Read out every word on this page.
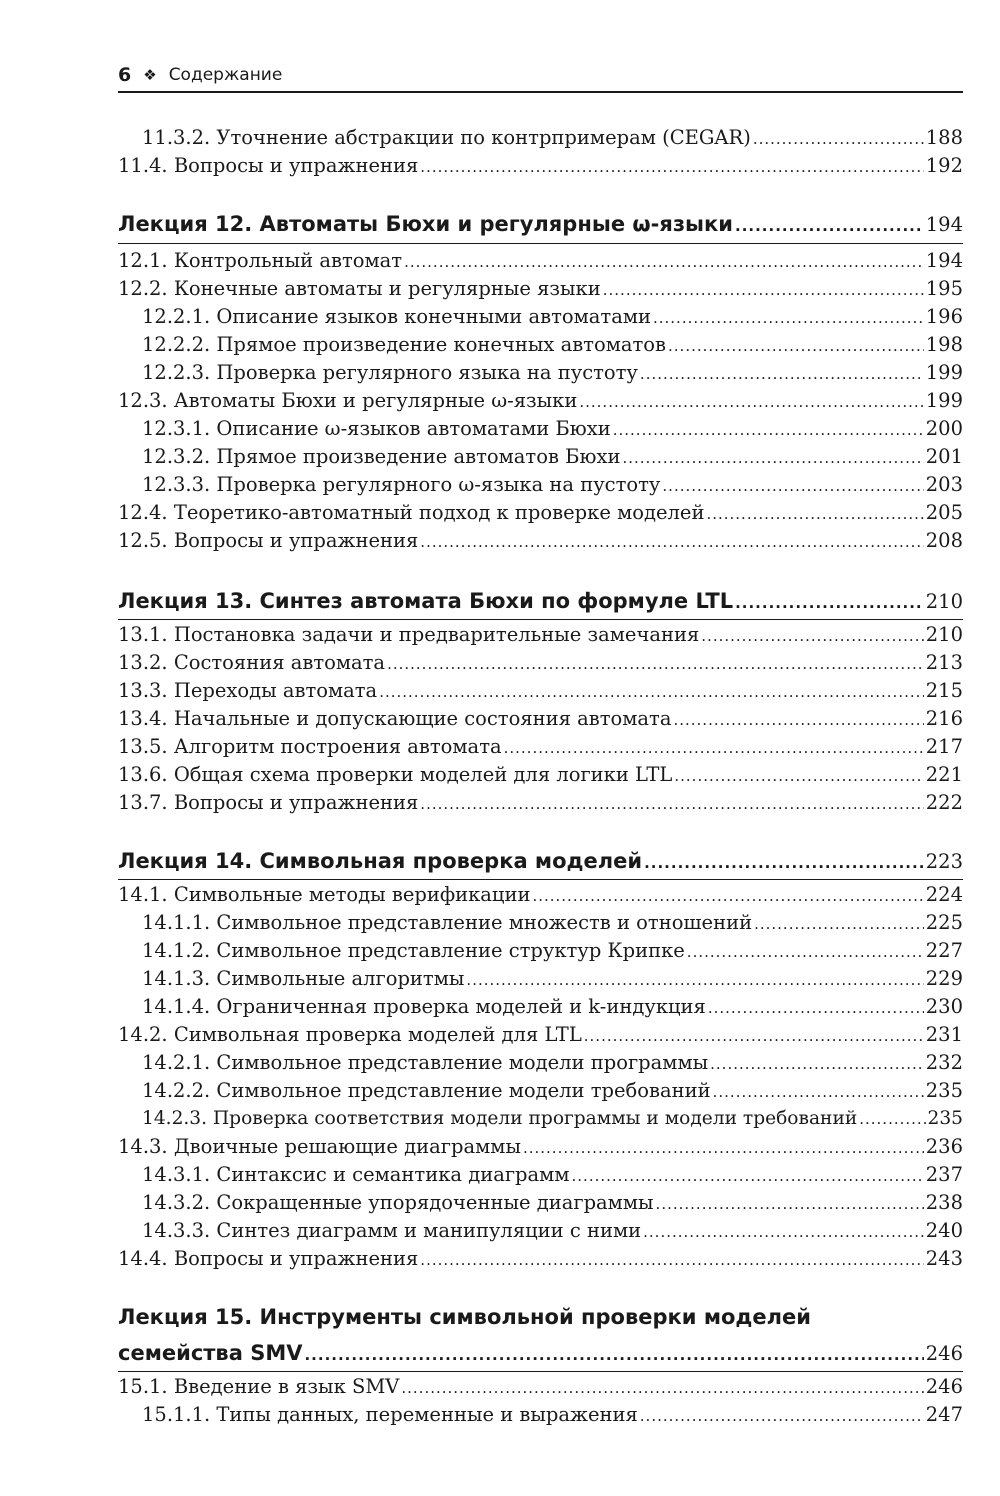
6 ❖ Содержание
11.3.2. Уточнение абстракции по контрпримерам (CEGAR) .....	188
11.4. Вопросы и упражнения .....	192
Лекция 12. Автоматы Бюхи и регулярные ω-языки .....	194
12.1. Контрольный автомат .....	194
12.2. Конечные автоматы и регулярные языки .....	195
12.2.1. Описание языков конечными автоматами .....	196
12.2.2. Прямое произведение конечных автоматов .....	198
12.2.3. Проверка регулярного языка на пустоту .....	199
12.3. Автоматы Бюхи и регулярные ω-языки .....	199
12.3.1. Описание ω-языков автоматами Бюхи .....	200
12.3.2. Прямое произведение автоматов Бюхи .....	201
12.3.3. Проверка регулярного ω-языка на пустоту .....	203
12.4. Теоретико-автоматный подход к проверке моделей .....	205
12.5. Вопросы и упражнения .....	208
Лекция 13. Синтез автомата Бюхи по формуле LTL .....	210
13.1. Постановка задачи и предварительные замечания .....	210
13.2. Состояния автомата .....	213
13.3. Переходы автомата .....	215
13.4. Начальные и допускающие состояния автомата .....	216
13.5. Алгоритм построения автомата .....	217
13.6. Общая схема проверки моделей для логики LTL .....	221
13.7. Вопросы и упражнения .....	222
Лекция 14. Символьная проверка моделей .....	223
14.1. Символьные методы верификации .....	224
14.1.1. Символьное представление множеств и отношений .....	225
14.1.2. Символьное представление структур Крипке .....	227
14.1.3. Символьные алгоритмы .....	229
14.1.4. Ограниченная проверка моделей и k-индукция .....	230
14.2. Символьная проверка моделей для LTL .....	231
14.2.1. Символьное представление модели программы .....	232
14.2.2. Символьное представление модели требований .....	235
14.2.3. Проверка соответствия модели программы и модели требований .....	235
14.3. Двоичные решающие диаграммы .....	236
14.3.1. Синтаксис и семантика диаграмм .....	237
14.3.2. Сокращенные упорядоченные диаграммы .....	238
14.3.3. Синтез диаграмм и манипуляции с ними .....	240
14.4. Вопросы и упражнения .....	243
Лекция 15. Инструменты символьной проверки моделей
семейства SMV .....	246
15.1. Введение в язык SMV .....	246
15.1.1. Типы данных, переменные и выражения .....	247
